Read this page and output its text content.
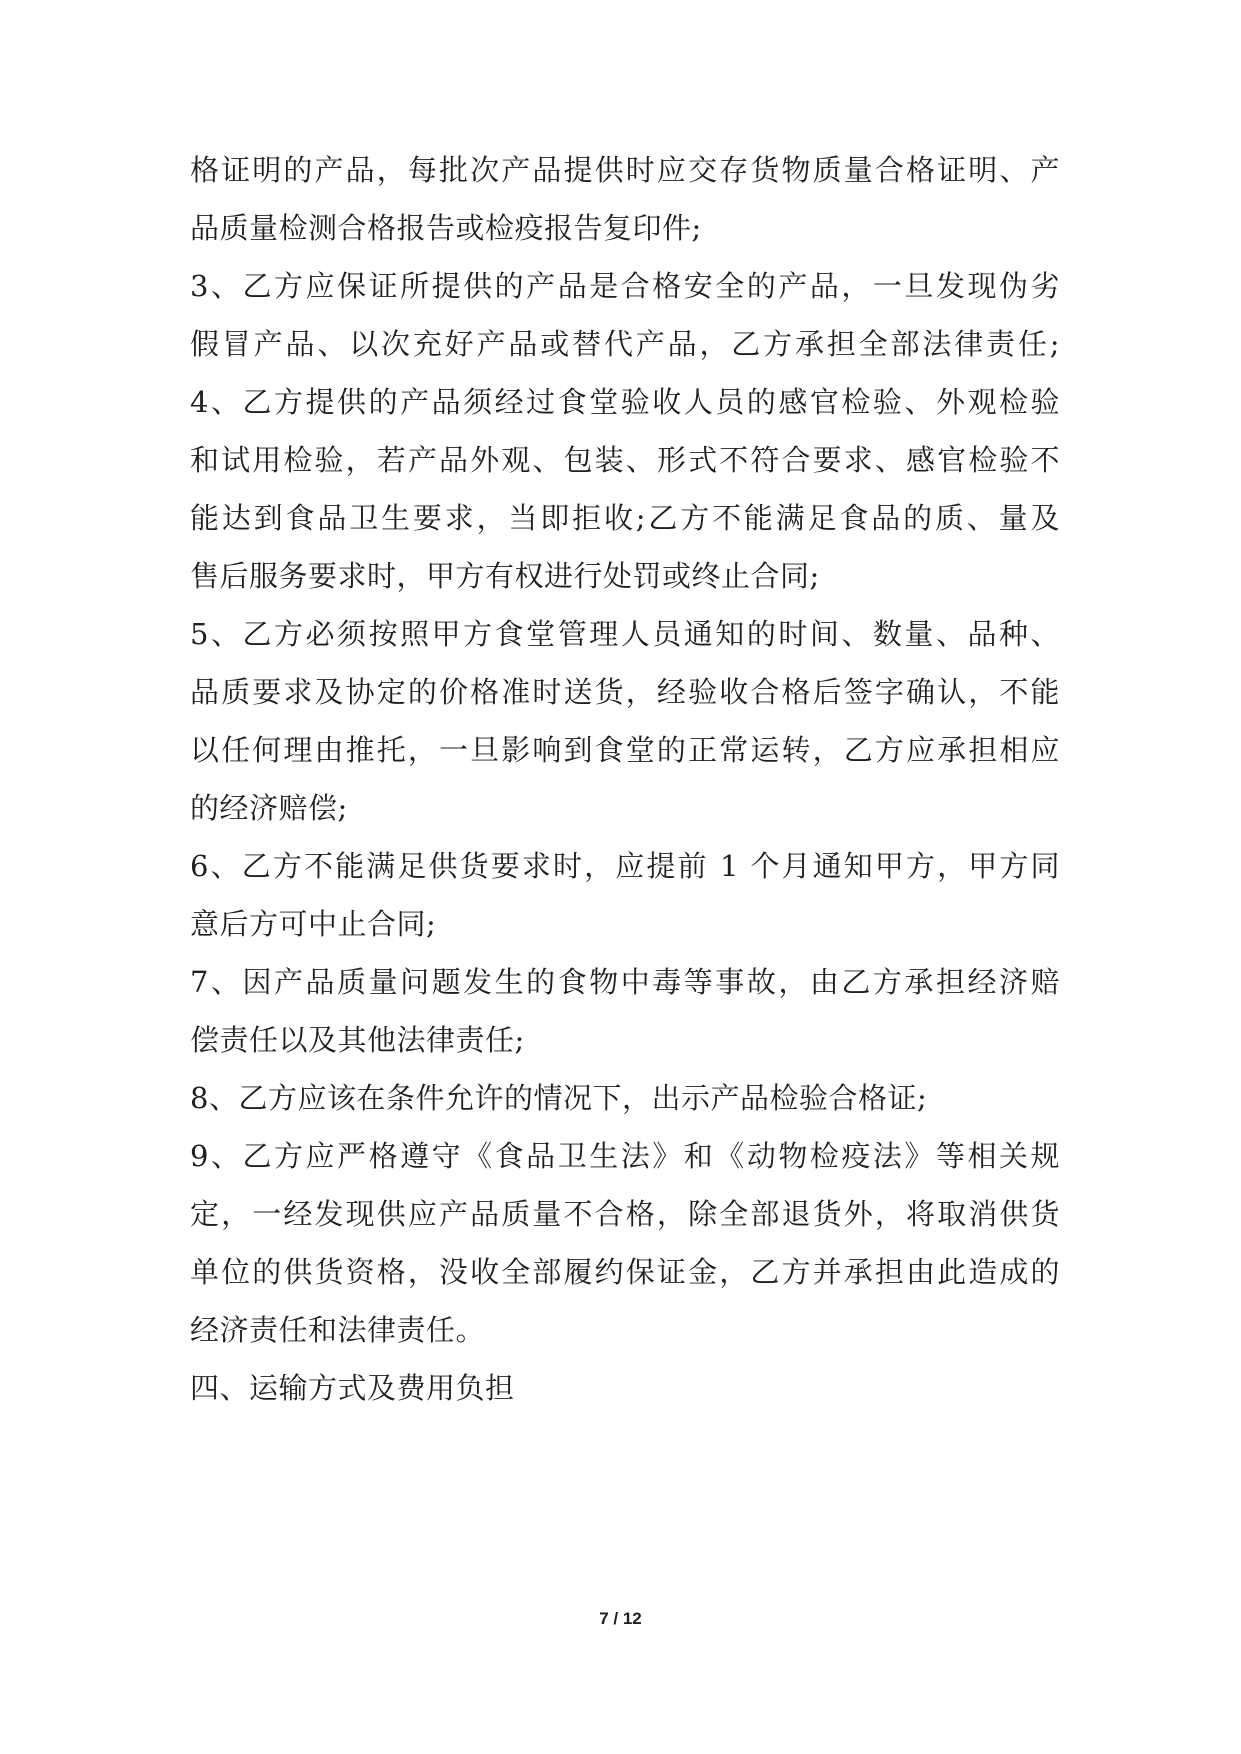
格证明的产品，每批次产品提供时应交存货物质量合格证明、产
品质量检测合格报告或检疫报告复印件;
3、乙方应保证所提供的产品是合格安全的产品，一旦发现伪劣
假冒产品、以次充好产品或替代产品，乙方承担全部法律责任;
4、乙方提供的产品须经过食堂验收人员的感官检验、外观检验
和试用检验，若产品外观、包装、形式不符合要求、感官检验不
能达到食品卫生要求，当即拒收;乙方不能满足食品的质、量及
售后服务要求时，甲方有权进行处罚或终止合同;
5、乙方必须按照甲方食堂管理人员通知的时间、数量、品种、
品质要求及协定的价格准时送货，经验收合格后签字确认，不能
以任何理由推托，一旦影响到食堂的正常运转，乙方应承担相应
的经济赔偿;
6、乙方不能满足供货要求时，应提前 1 个月通知甲方，甲方同
意后方可中止合同;
7、因产品质量问题发生的食物中毒等事故，由乙方承担经济赔
偿责任以及其他法律责任;
8、乙方应该在条件允许的情况下，出示产品检验合格证;
9、乙方应严格遵守《食品卫生法》和《动物检疫法》等相关规
定，一经发现供应产品质量不合格，除全部退货外，将取消供货
单位的供货资格，没收全部履约保证金，乙方并承担由此造成的
经济责任和法律责任。
四、运输方式及费用负担
7 / 12
